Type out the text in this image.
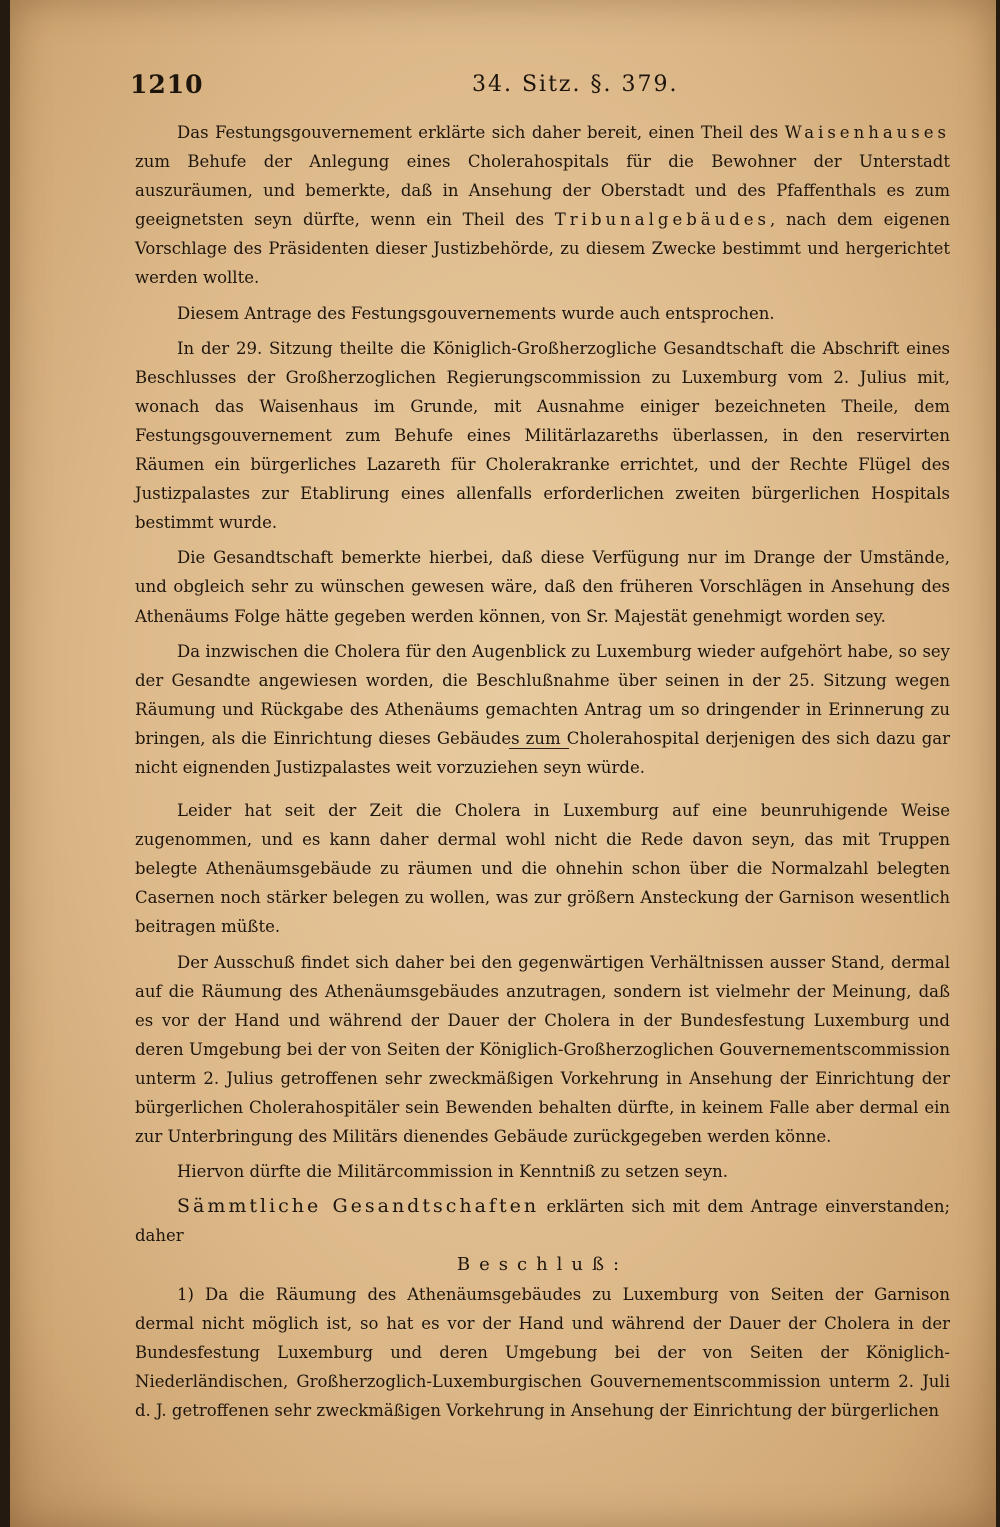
1210	34. Sitz. §. 379.

Das Festungsgouvernement erklärte sich daher bereit, einen Theil des Waisenhauses zum Behufe der Anlegung eines Cholerahospitals für die Bewohner der Unterstadt auszuräumen, und bemerkte, daß in Ansehung der Oberstadt und des Pfaffenthals es zum geeignetsten seyn dürfte, wenn ein Theil des Tribunalgebäudes, nach dem eigenen Vorschlage des Präsidenten dieser Justizbehörde, zu diesem Zwecke bestimmt und hergerichtet werden wollte.

Diesem Antrage des Festungsgouvernements wurde auch entsprochen.

In der 29. Sitzung theilte die Königlich-Großherzogliche Gesandtschaft die Abschrift eines Beschlusses der Großherzoglichen Regierungscommission zu Luxemburg vom 2. Julius mit, wonach das Waisenhaus im Grunde, mit Ausnahme einiger bezeichneten Theile, dem Festungsgouvernement zum Behufe eines Militärlazareths überlassen, in den reservirten Räumen ein bürgerliches Lazareth für Cholerakranke errichtet, und der Rechte Flügel des Justizpalastes zur Etablirung eines allenfalls erforderlichen zweiten bürgerlichen Hospitals bestimmt wurde.

Die Gesandtschaft bemerkte hierbei, daß diese Verfügung nur im Drange der Umstände, und obgleich sehr zu wünschen gewesen wäre, daß den früheren Vorschlägen in Ansehung des Athenäums Folge hätte gegeben werden können, von Sr. Majestät genehmigt worden sey.

Da inzwischen die Cholera für den Augenblick zu Luxemburg wieder aufgehört habe, so sey der Gesandte angewiesen worden, die Beschlußnahme über seinen in der 25. Sitzung wegen Räumung und Rückgabe des Athenäums gemachten Antrag um so dringender in Erinnerung zu bringen, als die Einrichtung dieses Gebäudes zum Cholerahospital derjenigen des sich dazu gar nicht eignenden Justizpalastes weit vorzuziehen seyn würde.

Leider hat seit der Zeit die Cholera in Luxemburg auf eine beunruhigende Weise zugenommen, und es kann daher dermal wohl nicht die Rede davon seyn, das mit Truppen belegte Athenäumsgebäude zu räumen und die ohnehin schon über die Normalzahl belegten Casernen noch stärker belegen zu wollen, was zur größern Ansteckung der Garnison wesentlich beitragen müßte.

Der Ausschuß findet sich daher bei den gegenwärtigen Verhältnissen ausser Stand, dermal auf die Räumung des Athenäumsgebäudes anzutragen, sondern ist vielmehr der Meinung, daß es vor der Hand und während der Dauer der Cholera in der Bundesfestung Luxemburg und deren Umgebung bei der von Seiten der Königlich-Großherzoglichen Gouvernementscommission unterm 2. Julius getroffenen sehr zweckmäßigen Vorkehrung in Ansehung der Einrichtung der bürgerlichen Cholerahospitäler sein Bewenden behalten dürfte, in keinem Falle aber dermal ein zur Unterbringung des Militärs dienendes Gebäude zurückgegeben werden könne.

Hiervon dürfte die Militärcommission in Kenntniß zu setzen seyn.

Sämmtliche Gesandtschaften erklärten sich mit dem Antrage einverstanden; daher

Beschluß:

1) Da die Räumung des Athenäumsgebäudes zu Luxemburg von Seiten der Garnison dermal nicht möglich ist, so hat es vor der Hand und während der Dauer der Cholera in der Bundesfestung Luxemburg und deren Umgebung bei der von Seiten der Königlich-Niederländischen, Großherzoglich-Luxemburgischen Gouvernementscommission unterm 2. Juli d. J. getroffenen sehr zweckmäßigen Vorkehrung in Ansehung der Einrichtung der bürgerlichen
